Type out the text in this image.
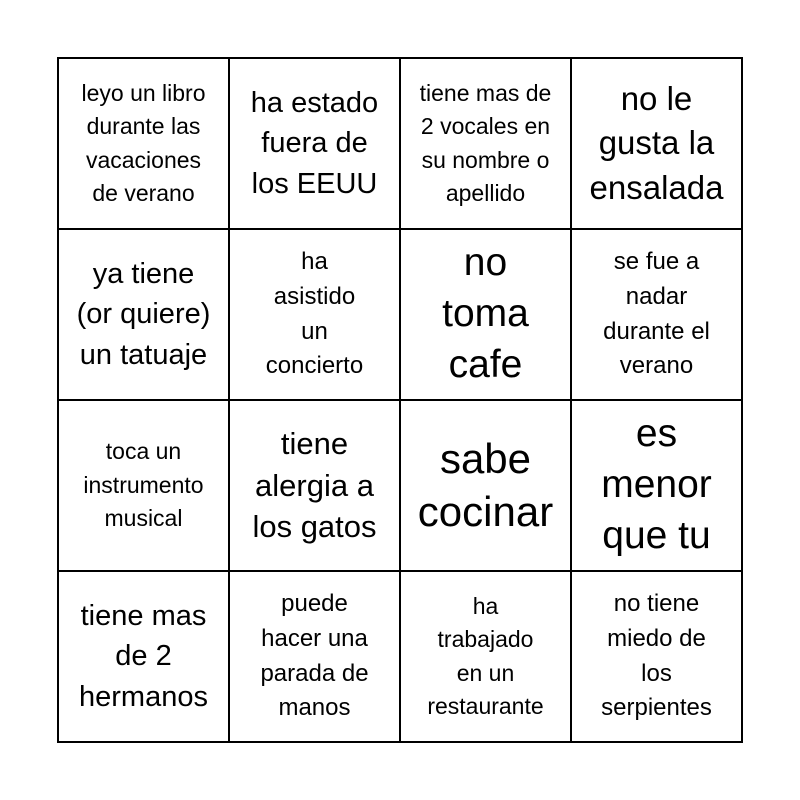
leyo un libro
durante las
vacaciones
de verano
ha estado
fuera de
los EEUU
tiene mas de
2 vocales en
su nombre o
apellido
no le
gusta la
ensalada
ya tiene
(or quiere)
un tatuaje
ha
asistido
un
concierto
no
toma
cafe
se fue a
nadar
durante el
verano
toca un
instrumento
musical
tiene
alergia a
los gatos
sabe
cocinar
es
menor
que tu
tiene mas
de 2
hermanos
puede
hacer una
parada de
manos
ha
trabajado
en un
restaurante
no tiene
miedo de
los
serpientes
